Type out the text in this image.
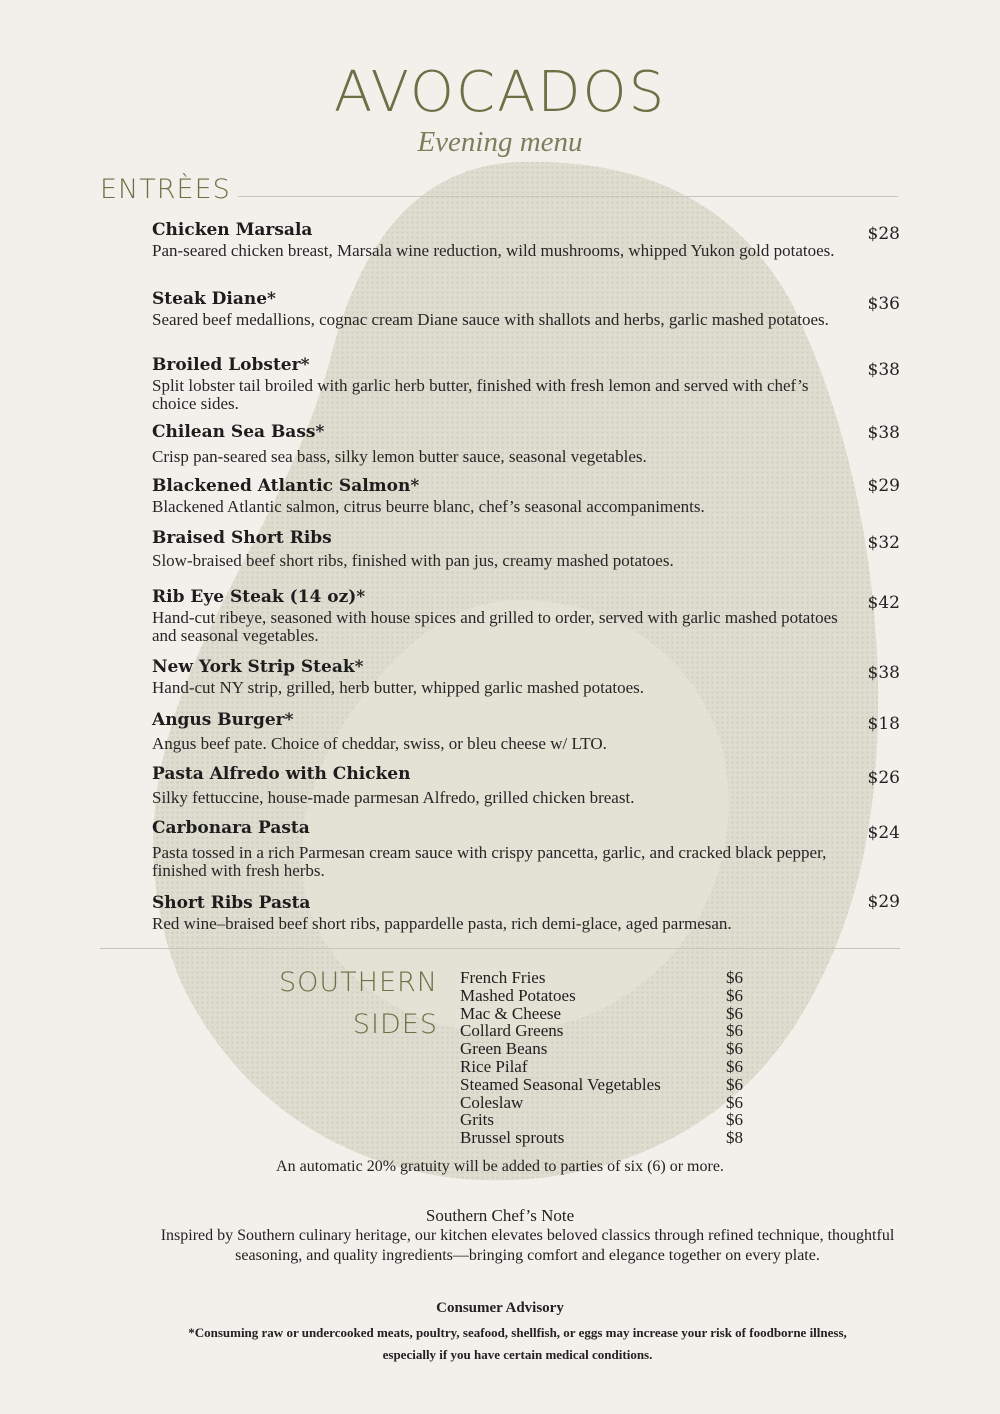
AVOCADOS
Evening menu
ENTRÈES
Chicken Marsala
Pan-seared chicken breast, Marsala wine reduction, wild mushrooms, whipped Yukon gold potatoes.
$28
Steak Diane*
Seared beef medallions, cognac cream Diane sauce with shallots and herbs, garlic mashed potatoes.
$36
Broiled Lobster*
Split lobster tail broiled with garlic herb butter, finished with fresh lemon and served with chef’s choice sides.
$38
Chilean Sea Bass*
Crisp pan-seared sea bass, silky lemon butter sauce, seasonal vegetables.
$38
Blackened Atlantic Salmon*
Blackened Atlantic salmon, citrus beurre blanc, chef’s seasonal accompaniments.
$29
Braised Short Ribs
Slow-braised beef short ribs, finished with pan jus, creamy mashed potatoes.
$32
Rib Eye Steak (14 oz)*
Hand-cut ribeye, seasoned with house spices and grilled to order, served with garlic mashed potatoes and seasonal vegetables.
$42
New York Strip Steak*
Hand-cut NY strip, grilled, herb butter, whipped garlic mashed potatoes.
$38
Angus Burger*
Angus beef pate. Choice of cheddar, swiss, or bleu cheese w/ LTO.
$18
Pasta Alfredo with Chicken
Silky fettuccine, house-made parmesan Alfredo, grilled chicken breast.
$26
Carbonara Pasta
Pasta tossed in a rich Parmesan cream sauce with crispy pancetta, garlic, and cracked black pepper, finished with fresh herbs.
$24
Short Ribs Pasta
Red wine–braised beef short ribs, pappardelle pasta, rich demi-glace, aged parmesan.
$29
SOUTHERN
SIDES
French Fries	$6
Mashed Potatoes	$6
Mac & Cheese	$6
Collard Greens	$6
Green Beans	$6
Rice Pilaf	$6
Steamed Seasonal Vegetables	$6
Coleslaw	$6
Grits	$6
Brussel sprouts	$8
An automatic 20% gratuity will be added to parties of six (6) or more.
Southern Chef’s Note
Inspired by Southern culinary heritage, our kitchen elevates beloved classics through refined technique, thoughtful seasoning, and quality ingredients—bringing comfort and elegance together on every plate.
Consumer Advisory
*Consuming raw or undercooked meats, poultry, seafood, shellfish, or eggs may increase your risk of foodborne illness, especially if you have certain medical conditions.
